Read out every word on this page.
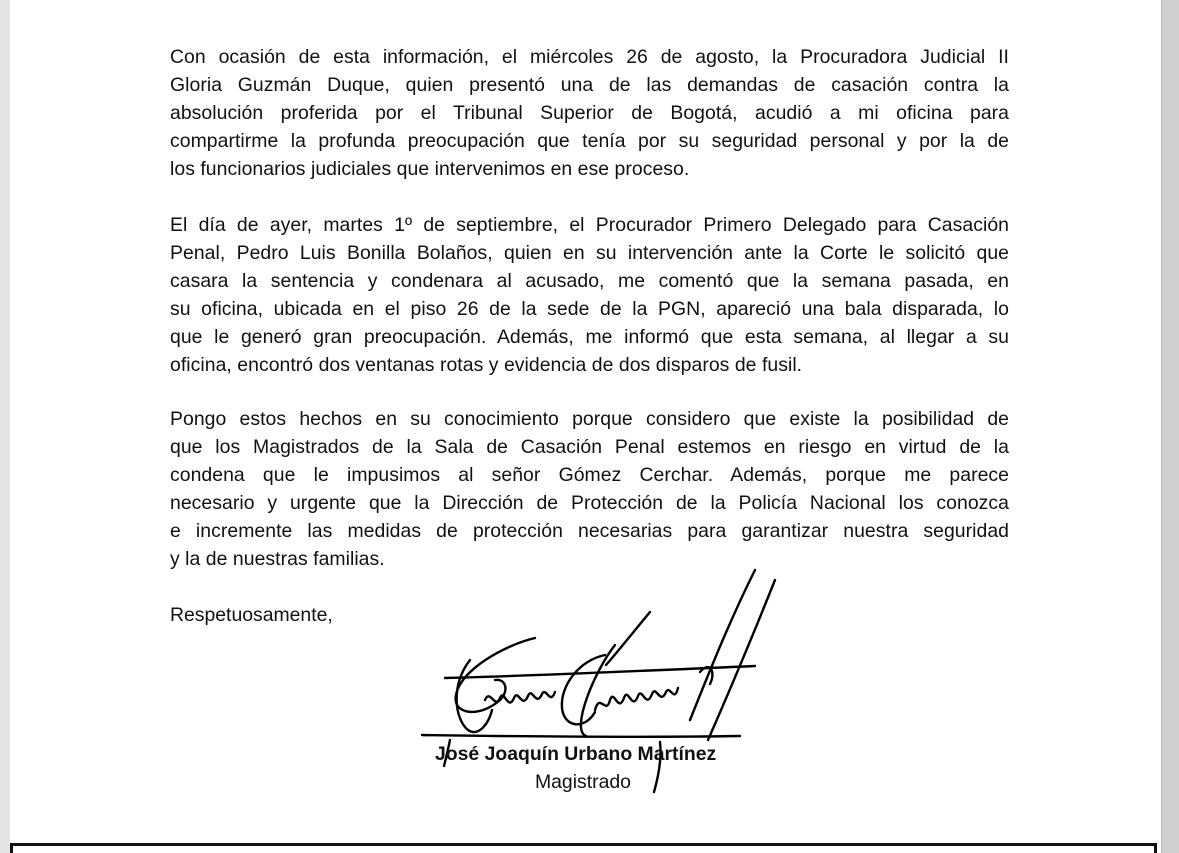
Con ocasión de esta información, el miércoles 26 de agosto, la Procuradora Judicial II
Gloria Guzmán Duque, quien presentó una de las demandas de casación contra la
absolución proferida por el Tribunal Superior de Bogotá, acudió a mi oficina para
compartirme la profunda preocupación que tenía por su seguridad personal y por la de
los funcionarios judiciales que intervenimos en ese proceso.
El día de ayer, martes 1º de septiembre, el Procurador Primero Delegado para Casación
Penal, Pedro Luis Bonilla Bolaños, quien en su intervención ante la Corte le solicitó que
casara la sentencia y condenara al acusado, me comentó que la semana pasada, en
su oficina, ubicada en el piso 26 de la sede de la PGN, apareció una bala disparada, lo
que le generó gran preocupación. Además, me informó que esta semana, al llegar a su
oficina, encontró dos ventanas rotas y evidencia de dos disparos de fusil.
Pongo estos hechos en su conocimiento porque considero que existe la posibilidad de
que los Magistrados de la Sala de Casación Penal estemos en riesgo en virtud de la
condena que le impusimos al señor Gómez Cerchar. Además, porque me parece
necesario y urgente que la Dirección de Protección de la Policía Nacional los conozca
e incremente las medidas de protección necesarias para garantizar nuestra seguridad
y la de nuestras familias.
Respetuosamente,
José Joaquín Urbano Martínez
Magistrado
